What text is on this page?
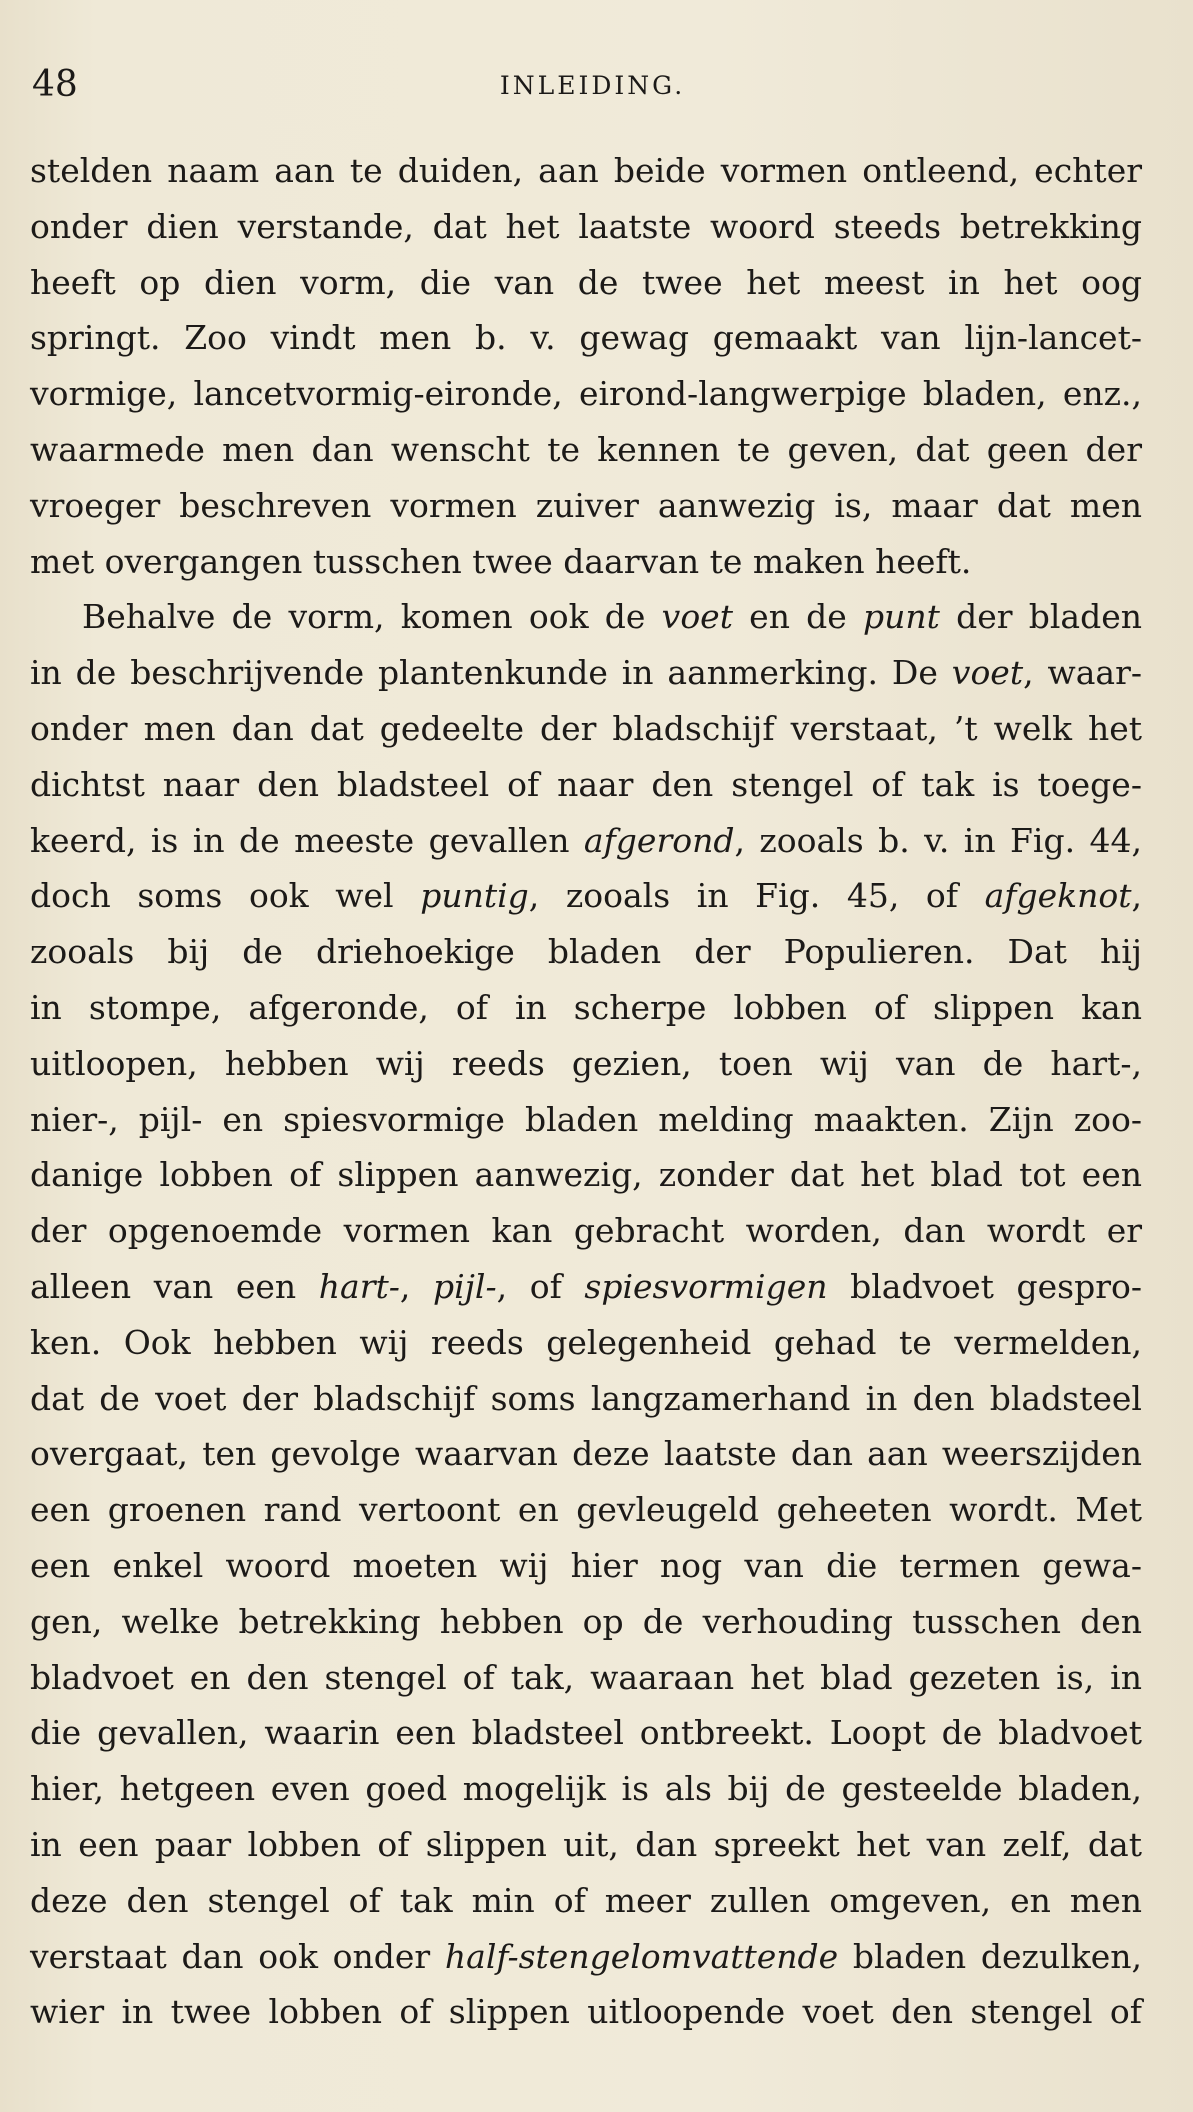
48	INLEIDING.
stelden naam aan te duiden, aan beide vormen ontleend, echter
onder dien verstande, dat het laatste woord steeds betrekking
heeft op dien vorm, die van de twee het meest in het oog
springt. Zoo vindt men b. v. gewag gemaakt van lijn-lancet-
vormige, lancetvormig-eironde, eirond-langwerpige bladen, enz.,
waarmede men dan wenscht te kennen te geven, dat geen der
vroeger beschreven vormen zuiver aanwezig is, maar dat men
met overgangen tusschen twee daarvan te maken heeft.
Behalve de vorm, komen ook de voet en de punt der bladen
in de beschrijvende plantenkunde in aanmerking. De voet, waar-
onder men dan dat gedeelte der bladschijf verstaat, ’t welk het
dichtst naar den bladsteel of naar den stengel of tak is toege-
keerd, is in de meeste gevallen afgerond, zooals b. v. in Fig. 44,
doch soms ook wel puntig, zooals in Fig. 45, of afgeknot,
zooals bij de driehoekige bladen der Populieren. Dat hij
in stompe, afgeronde, of in scherpe lobben of slippen kan
uitloopen, hebben wij reeds gezien, toen wij van de hart-,
nier-, pijl- en spiesvormige bladen melding maakten. Zijn zoo-
danige lobben of slippen aanwezig, zonder dat het blad tot een
der opgenoemde vormen kan gebracht worden, dan wordt er
alleen van een hart-, pijl-, of spiesvormigen bladvoet gespro-
ken. Ook hebben wij reeds gelegenheid gehad te vermelden,
dat de voet der bladschijf soms langzamerhand in den bladsteel
overgaat, ten gevolge waarvan deze laatste dan aan weerszijden
een groenen rand vertoont en gevleugeld geheeten wordt. Met
een enkel woord moeten wij hier nog van die termen gewa-
gen, welke betrekking hebben op de verhouding tusschen den
bladvoet en den stengel of tak, waaraan het blad gezeten is, in
die gevallen, waarin een bladsteel ontbreekt. Loopt de bladvoet
hier, hetgeen even goed mogelijk is als bij de gesteelde bladen,
in een paar lobben of slippen uit, dan spreekt het van zelf, dat
deze den stengel of tak min of meer zullen omgeven, en men
verstaat dan ook onder half-stengelomvattende bladen dezulken,
wier in twee lobben of slippen uitloopende voet den stengel of
